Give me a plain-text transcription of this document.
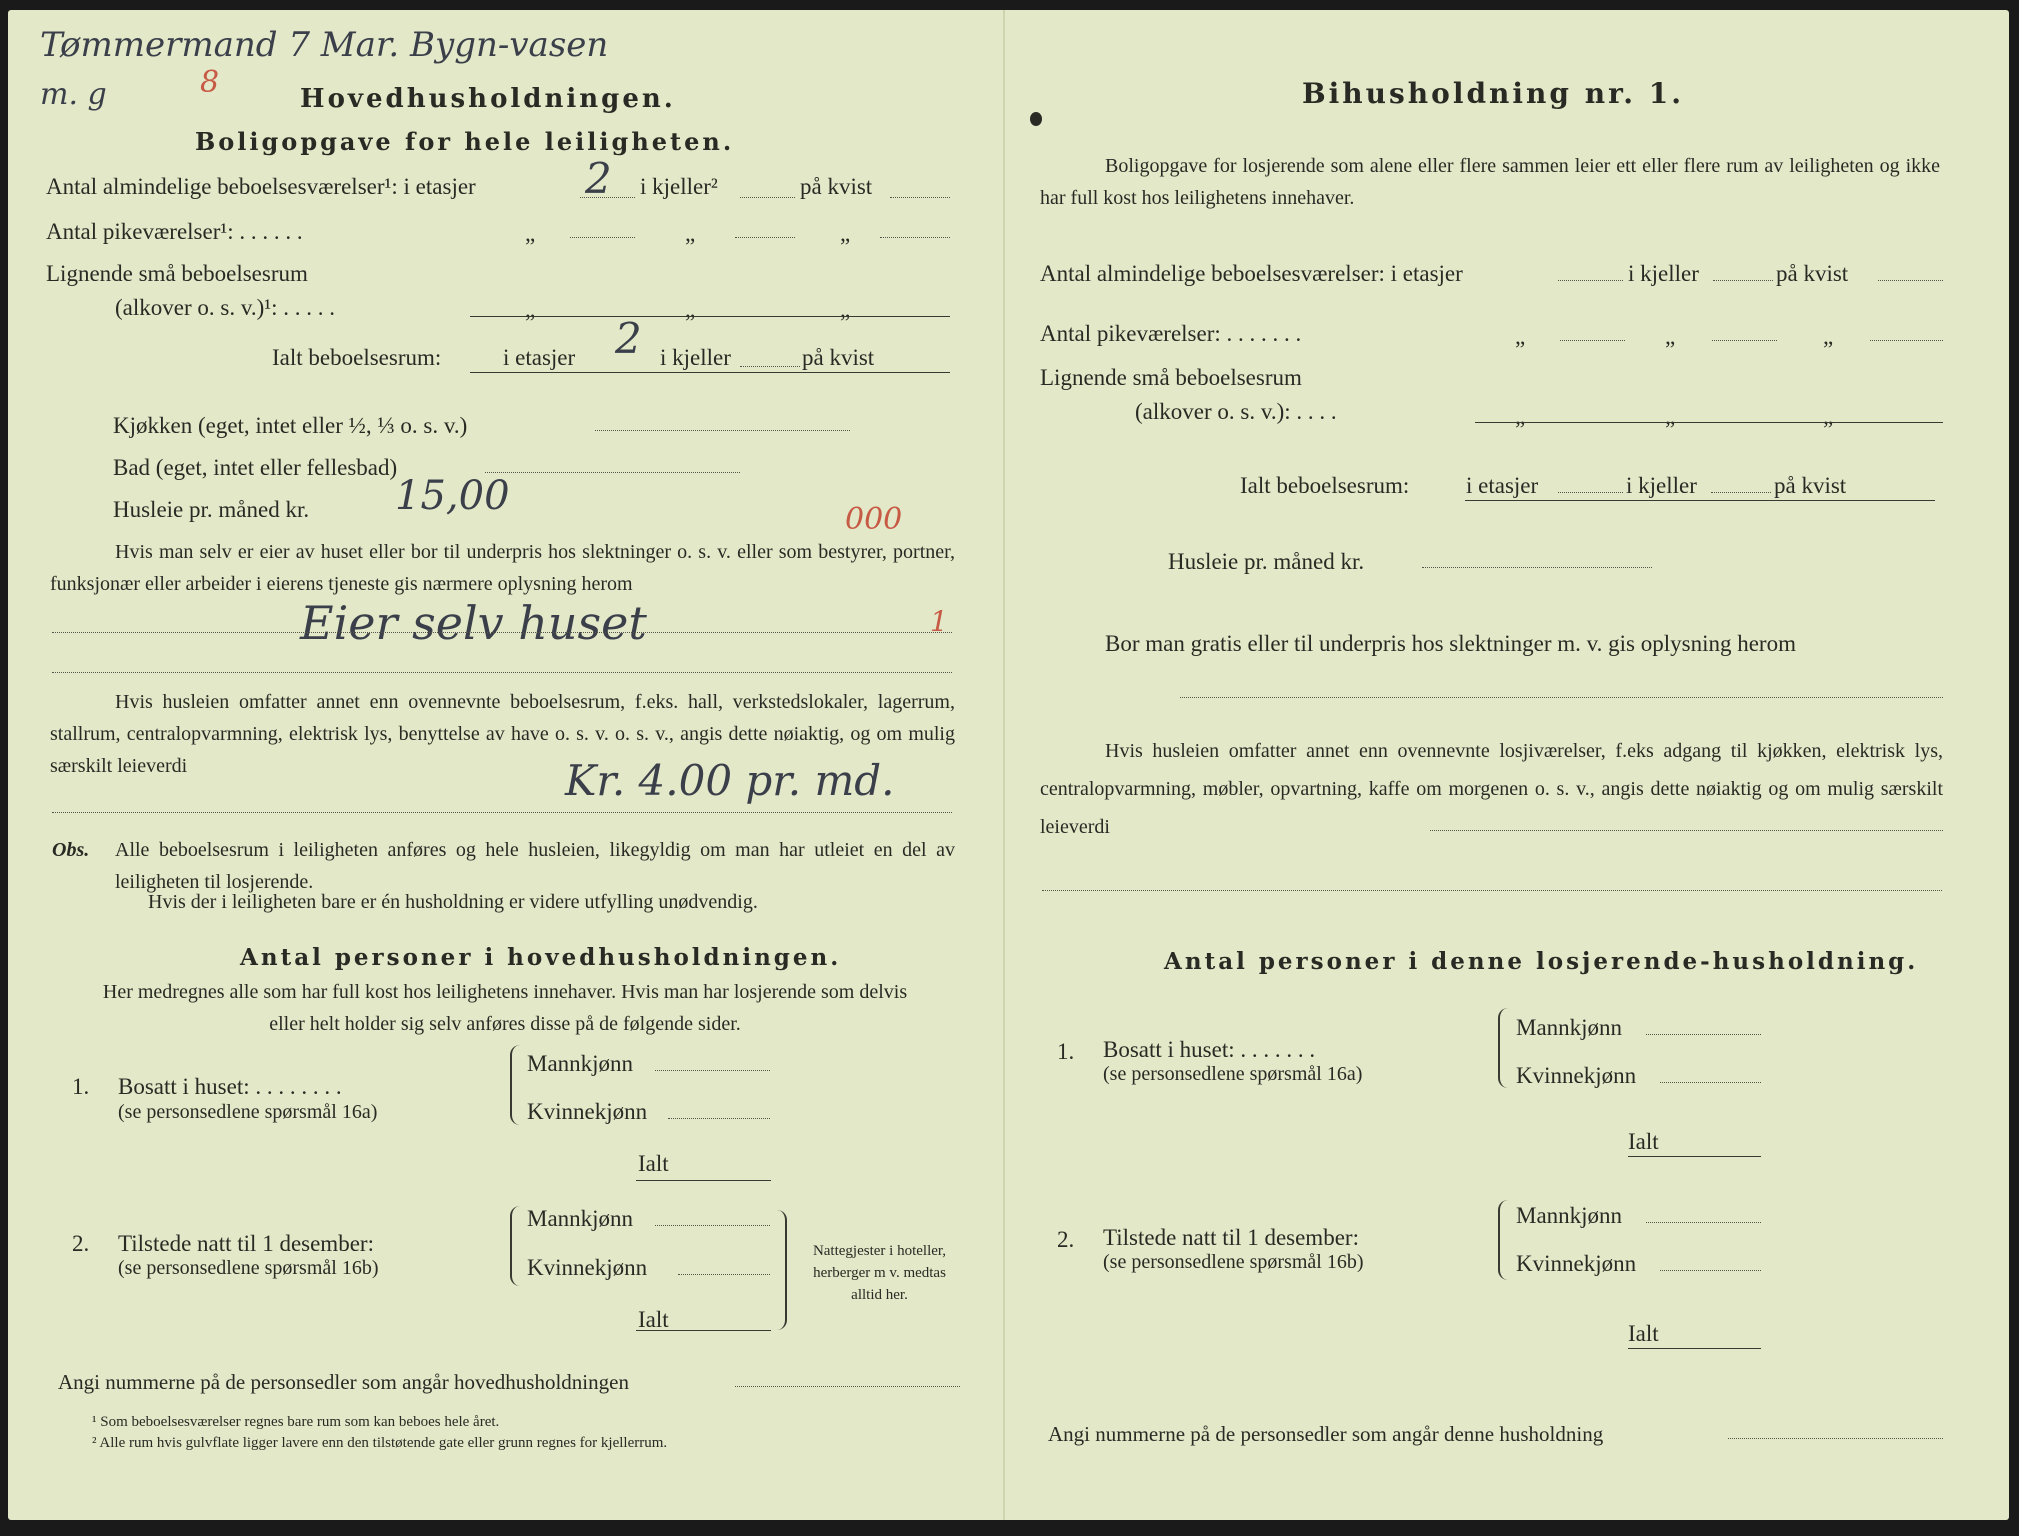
Tømmermand 7 Mar. Bygn-vasen
m. g	8	Hovedhusholdningen.
Boligopgave for hele leiligheten.
Antal almindelige beboelsesværelser¹: i etasjer	2 i kjeller²	på kvist
Antal pikeværelser¹: . . . . . .	„	„	„
Lignende små beboelsesrum
(alkover o. s. v.)¹: . . . . .	„	„	„
Ialt beboelsesrum:	i etasjer 2 i kjeller	på kvist
Kjøkken (eget, intet eller ½, ⅓ o. s. v.)
Bad (eget, intet eller fellesbad)
Husleie pr. måned kr. 15,00
000
Hvis man selv er eier av huset eller bor til underpris hos slektninger o. s. v. eller som bestyrer, portner, funksjonær eller arbeider i eierens tjeneste gis nærmere oplysning herom
Eier selv huset	1
Hvis husleien omfatter annet enn ovennevnte beboelsesrum, f.eks. hall, verkstedslokaler, lagerrum, stallrum, centralopvarmning, elektrisk lys, benyttelse av have o. s. v. o. s. v., angis dette nøiaktig, og om mulig særskilt leieverdi	Kr. 4.00 pr. md.
Obs. Alle beboelsesrum i leiligheten anføres og hele husleien, likegyldig om man har utleiet en del av leiligheten til losjerende.
Hvis der i leiligheten bare er én husholdning er videre utfylling unødvendig.
Antal personer i hovedhusholdningen.
Her medregnes alle som har full kost hos leilighetens innehaver. Hvis man har losjerende som delvis eller helt holder sig selv anføres disse på de følgende sider.
1. Bosatt i huset: . . . . . . . .
(se personsedlene spørsmål 16a)
Mannkjønn
Kvinnekjønn
Ialt
2. Tilstede natt til 1 desember:
(se personsedlene spørsmål 16b)
Mannkjønn
Kvinnekjønn
Ialt
Nattegjester i hoteller, herberger m v. medtas alltid her.
Angi nummerne på de personsedler som angår hovedhusholdningen
¹ Som beboelsesværelser regnes bare rum som kan beboes hele året.
² Alle rum hvis gulvflate ligger lavere enn den tilstøtende gate eller grunn regnes for kjellerrum.
Bihusholdning nr. 1.
Boligopgave for losjerende som alene eller flere sammen leier ett eller flere rum av leiligheten og ikke har full kost hos leilighetens innehaver.
Antal almindelige beboelsesværelser: i etasjer	i kjeller	på kvist
Antal pikeværelser: . . . . . . .	„	„	„
Lignende små beboelsesrum
(alkover o. s. v.): . . . .	„	„	„
Ialt beboelsesrum: i etasjer	i kjeller	på kvist
Husleie pr. måned kr.
Bor man gratis eller til underpris hos slektninger m. v. gis oplysning herom
Hvis husleien omfatter annet enn ovennevnte losjiværelser, f.eks adgang til kjøkken, elektrisk lys, centralopvarmning, møbler, opvartning, kaffe om morgenen o. s. v., angis dette nøiaktig og om mulig særskilt leieverdi
Antal personer i denne losjerende-husholdning.
1. Bosatt i huset: . . . . . . .
(se personsedlene spørsmål 16a)
Mannkjønn
Kvinnekjønn
Ialt
2. Tilstede natt til 1 desember:
(se personsedlene spørsmål 16b)
Mannkjønn
Kvinnekjønn
Ialt
Angi nummerne på de personsedler som angår denne husholdning
